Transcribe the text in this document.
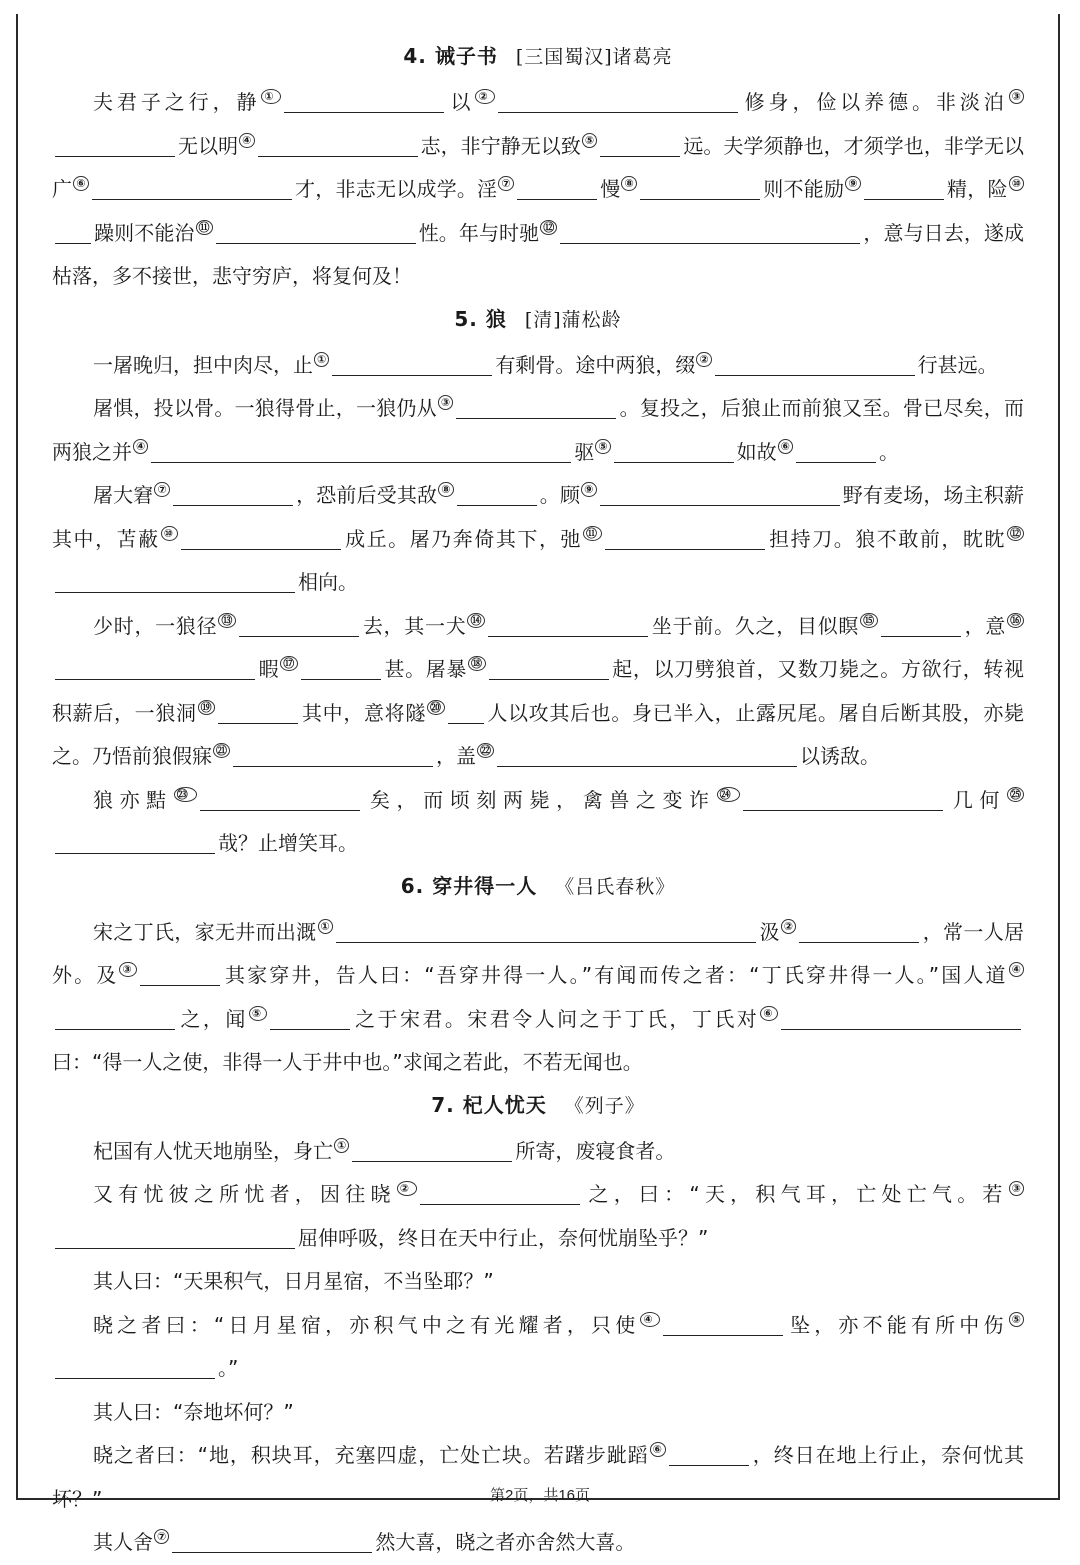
4. 诫子书 [三国蜀汉]诸葛亮

夫君子之行，静 ①	以 ②	修身，俭以养德。非淡泊 ③无以明 ④	志，非宁静无以致 ⑤	远。夫学须静也，才须学也，非学无以广 ⑥	才，非志无以成学。淫 ⑦	慢 ⑧	则不能励 ⑨	精，险 ⑩躁则不能治 ⑪	性。年与时驰 ⑫	，意与日去，遂成枯落，多不接世，悲守穷庐，将复何及！

5. 狼 [清]蒲松龄

一屠晚归，担中肉尽，止 ①	有剩骨。途中两狼，缀 ②	行甚远。

屠惧，投以骨。一狼得骨止，一狼仍从 ③	。复投之，后狼止而前狼又至。骨已尽矣，而两狼之并 ④	驱 ⑤	如故 ⑥	。

屠大窘 ⑦	，恐前后受其敌 ⑧	。顾 ⑨	野有麦场，场主积薪其中，苫蔽 ⑩	成丘。屠乃奔倚其下，弛 ⑪	担持刀。狼不敢前，眈眈 ⑫相向。

少时，一狼径 ⑬	去，其一犬 ⑭	坐于前。久之，目似瞑 ⑮	，意 ⑯暇 ⑰	甚。屠暴 ⑱	起，以刀劈狼首，又数刀毙之。方欲行，转视积薪后，一狼洞 ⑲	其中，意将隧 ⑳ 人以攻其后也。身已半入，止露尻尾。屠自后断其股，亦毙之。乃悟前狼假寐 $^㉑$	，盖 $^㉒$	以诱敌。

狼亦黠 $^㉓$	矣，而顷刻两毙，禽兽之变诈 $^㉔$	几何 $^㉕$哉？止增笑耳。

6. 穿井得一人 《吕氏春秋》

宋之丁氏，家无井而出溉 ①	汲 ②	，常一人居外。及 ③	其家穿井，告人曰：“吾穿井得一人。”有闻而传之者：“丁氏穿井得一人。”国人道 ④之，闻 ⑤	之于宋君。宋君令人问之于丁氏，丁氏对 ⑥曰：“得一人之使，非得一人于井中也。”求闻之若此，不若无闻也。

7. 杞人忧天 《列子》

杞国有人忧天地崩坠，身亡 ①	所寄，废寝食者。

又有忧彼之所忧者，因往晓 ②	之，曰：“天，积气耳，亡处亡气。若 ③屈伸呼吸，终日在天中行止，奈何忧崩坠乎？”

其人曰：“天果积气，日月星宿，不当坠耶？”

晓之者曰：“日月星宿，亦积气中之有光耀者，只使 ④	坠，亦不能有所中伤 ⑤。”

其人曰：“奈地坏何？”

晓之者曰：“地，积块耳，充塞四虚，亡处亡块。若躇步跐蹈 ⑥	，终日在地上行止，奈何忧其坏？”

其人舍 ⑦	然大喜，晓之者亦舍然大喜。

第2页，共16页
